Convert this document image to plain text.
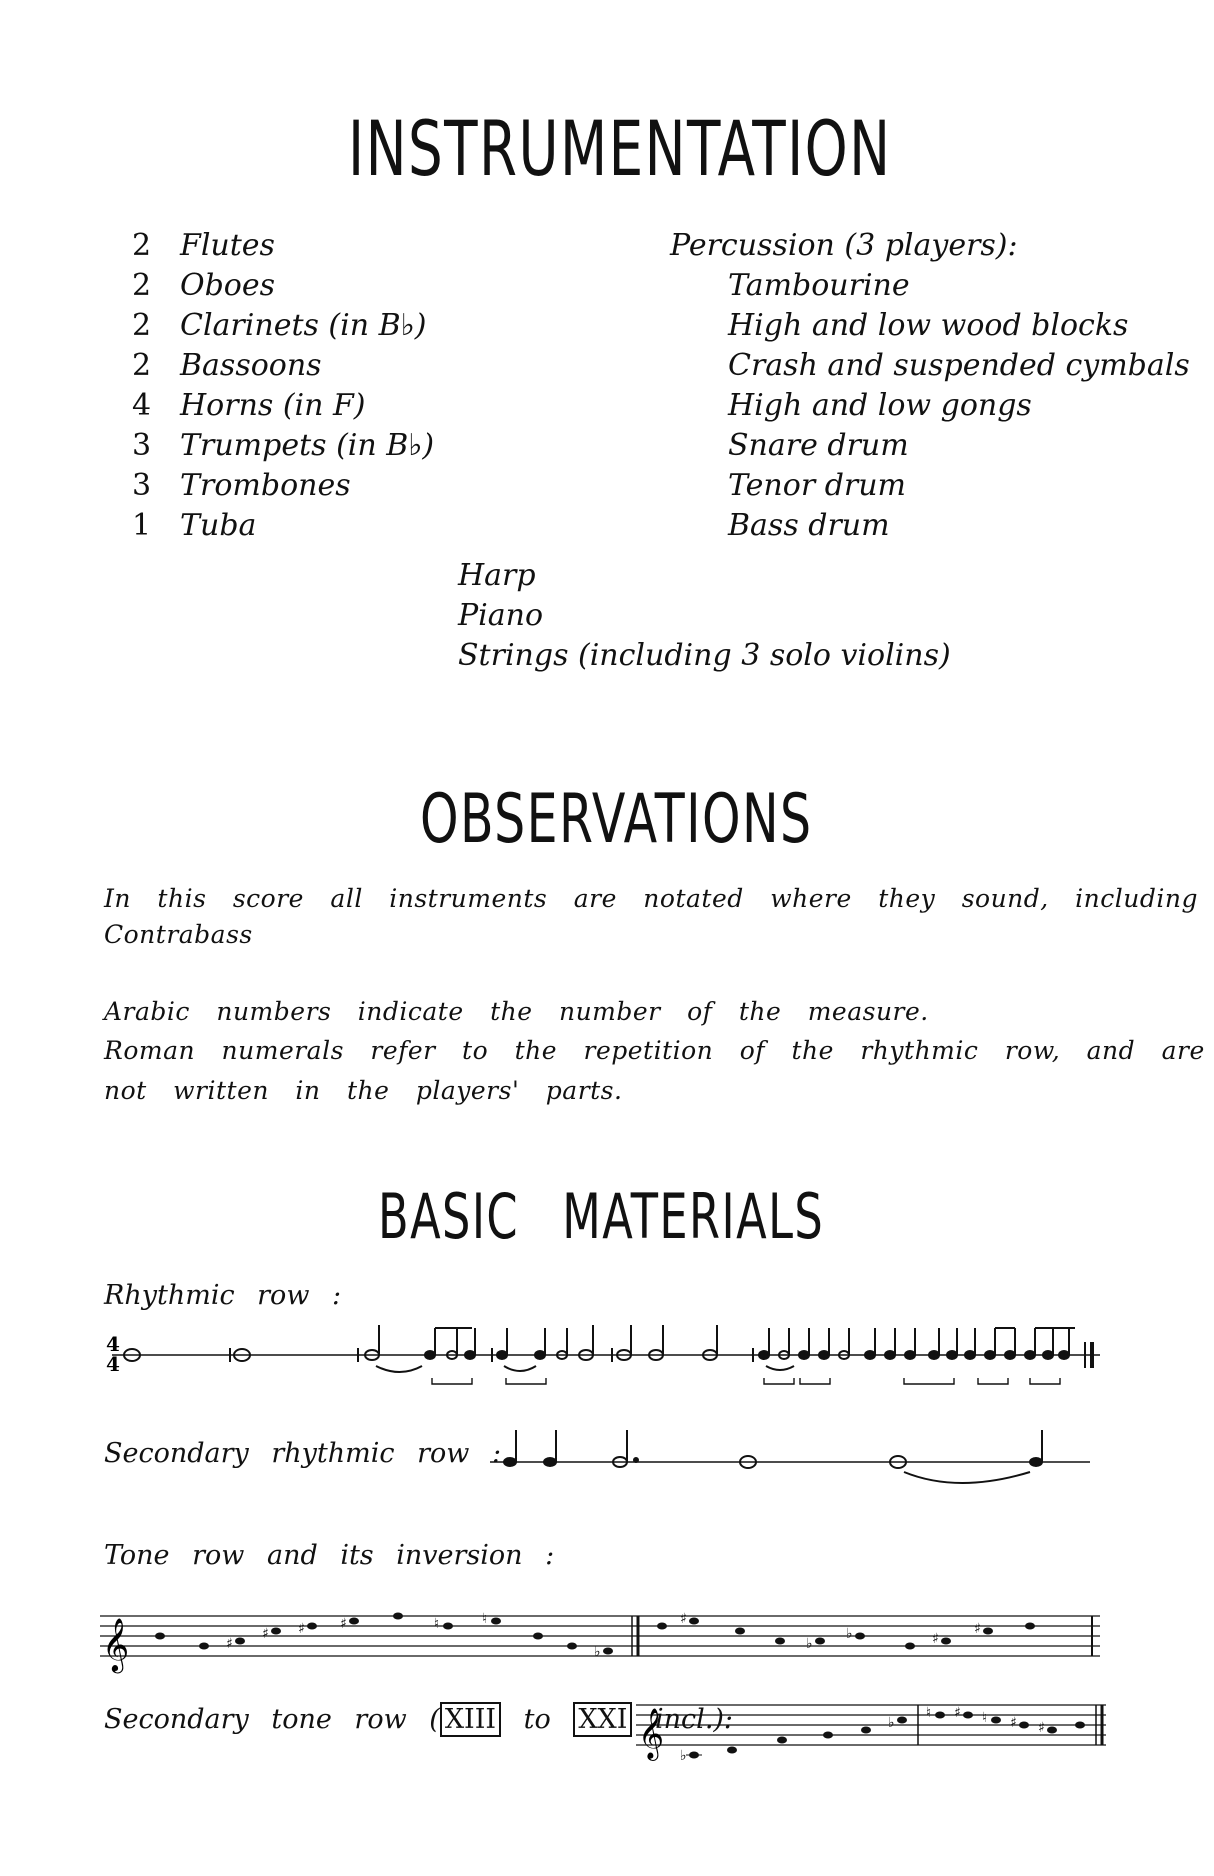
INSTRUMENTATION
2 Flutes
2 Oboes
2 Clarinets (in B♭)
2 Bassoons
4 Horns (in F)
3 Trumpets (in B♭)
3 Trombones
1 Tuba
Percussion (3 players):
Tambourine
High and low wood blocks
Crash and suspended cymbals
High and low gongs
Snare drum
Tenor drum
Bass drum
Harp
Piano
Strings (including 3 solo violins)
OBSERVATIONS
In this score all instruments are notated where they sound, including
Contrabass
Arabic numbers indicate the number of the measure.
Roman numerals refer to the repetition of the rhythmic row, and are
not written in the players' parts.
BASIC MATERIALS
Rhythmic row :
4
4
Secondary rhythmic row :
Tone row and its inversion :
𝄞	♯
♯ ♯	♯	♮	♮
♭
♯
♭
♭	♯
♯
Secondary tone row ( XIII to XXI incl.):
𝄞 ♭
♭
♮ ♯ ♮ ♯ ♯
